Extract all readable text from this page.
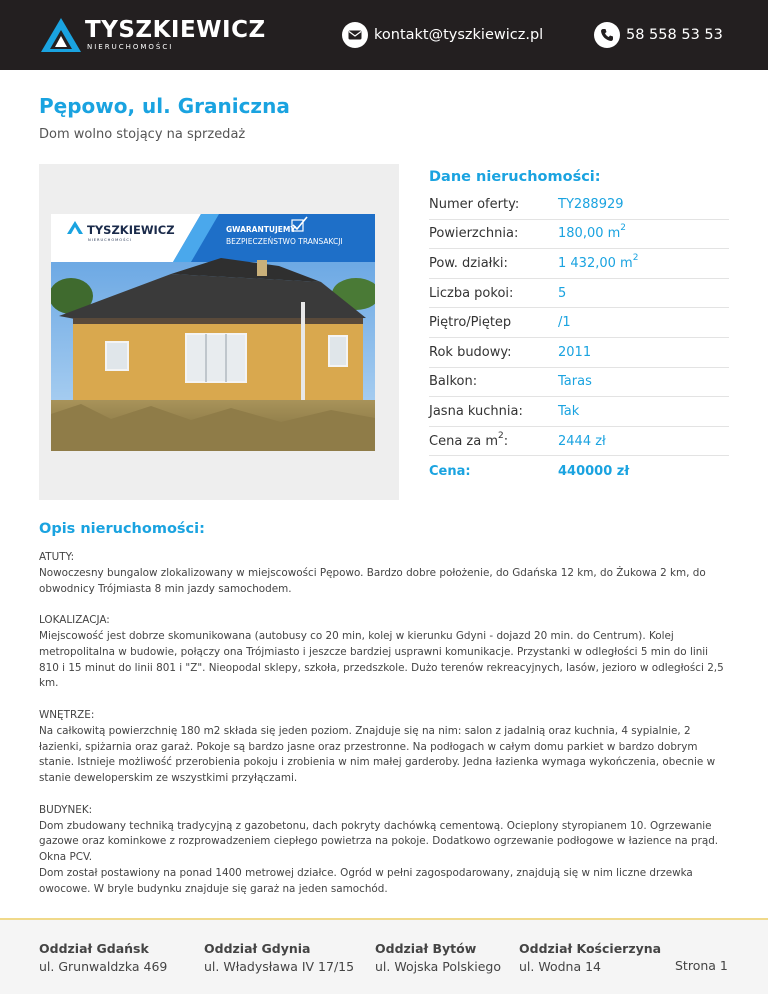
TYSZKIEWICZ
NIERUCHOMOŚCI
kontakt@tyszkiewicz.pl	58 558 53 53
Pępowo, ul. Graniczna
Dom wolno stojący na sprzedaż
TYSZKIEWICZ
NIERUCHOMOŚCI
GWARANTUJEMY
BEZPIECZEŃSTWO TRANSAKCJI
Dane nieruchomości:
Numer oferty:	TY288929
Powierzchnia:	180,00 $m^2$
Pow. działki:	1 432,00 $m^2$
Liczba pokoi:	5
Piętro/Piętер	/1
Rok budowy:	2011
Balkon:	Taras
Jasna kuchnia:	Tak
Cena za $m^2$:	2444 zł
Cena:	440000 zł
Opis nieruchomości:

ATUTY:
Nowoczesny bungalow zlokalizowany w miejscowości Pępowo. Bardzo dobre położenie, do Gdańska 12 km, do Żukowa 2 km, do obwodnicy Trójmiasta 8 min jazdy samochodem.

LOKALIZACJA:
Miejscowość jest dobrze skomunikowana (autobusy co 20 min, kolej w kierunku Gdyni - dojazd 20 min. do Centrum). Kolej metropolitalna w budowie, połączy ona Trójmiasto i jeszcze bardziej usprawni komunikacje. Przystanki w odległości 5 min do linii 810 i 15 minut do linii 801 i "Z". Nieopodal sklepy, szkoła, przedszkole. Dużo terenów rekreacyjnych, lasów, jezioro w odległości 2,5 km.

WNĘTRZE:
Na całkowitą powierzchnię 180 m2 składa się jeden poziom. Znajduje się na nim: salon z jadalnią oraz kuchnia, 4 sypialnie, 2 łazienki, spiżarnia oraz garaż. Pokoje są bardzo jasne oraz przestronne. Na podłogach w całym domu parkiet w bardzo dobrym stanie. Istnieje możliwość przerobienia pokoju i zrobienia w nim małej garderoby. Jedna łazienka wymaga wykończenia, obecnie w stanie deweloperskim ze wszystkimi przyłączami.

BUDYNEK:
Dom zbudowany techniką tradycyjną z gazobetonu, dach pokryty dachówką cementową. Ocieplony styropianem 10. Ogrzewanie gazowe oraz kominkowe z rozprowadzeniem ciepłego powietrza na pokoje. Dodatkowo ogrzewanie podłogowe w łazience na prąd. Okna PCV.
Dom został postawiony na ponad 1400 metrowej działce. Ogród w pełni zagospodarowany, znajdują się w nim liczne drzewka owocowe. W bryle budynku znajduje się garaż na jeden samochód.

Oddział Gdańsk
ul. Grunwaldzka 469
Oddział Gdynia
ul. Władysława IV 17/15
Oddział Bytów
ul. Wojska Polskiego
Oddział Kościerzyna
ul. Wodna 14	Strona 1
